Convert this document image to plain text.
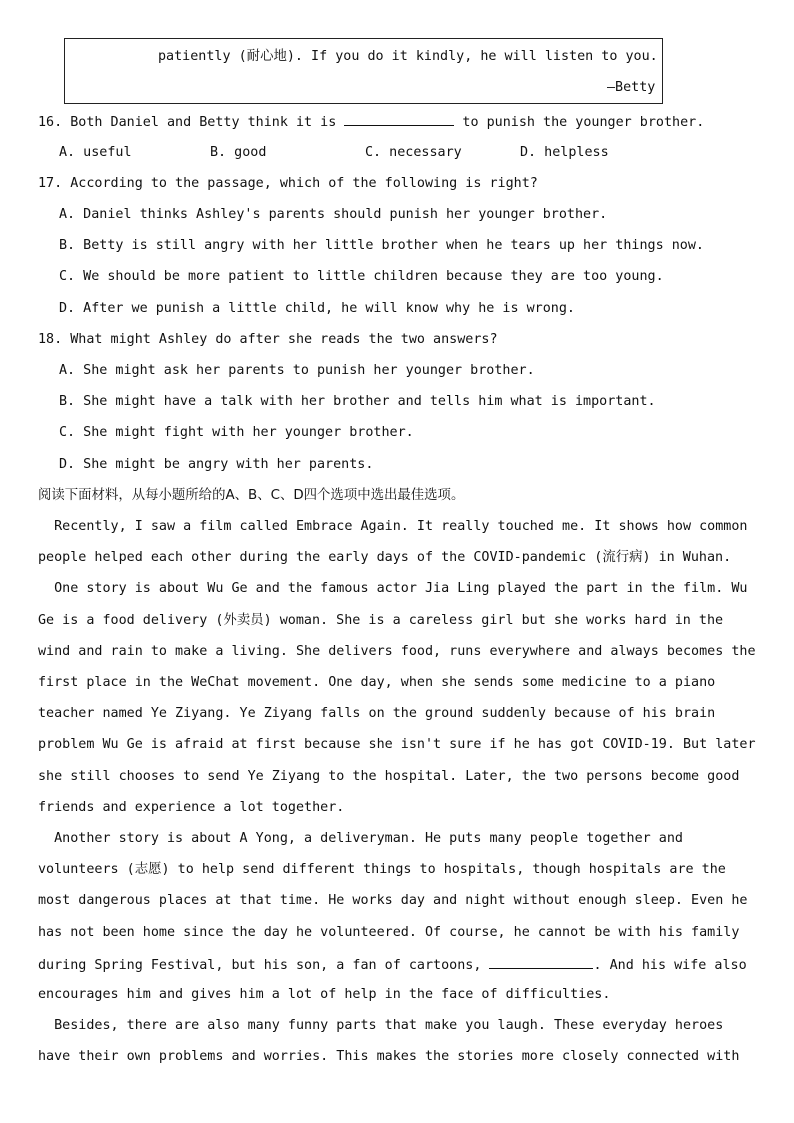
patiently (耐心地). If you do it kindly, he will listen to you.
—Betty
16. Both Daniel and Betty think it is	to punish the younger brother.
A. useful	B. good	C. necessary	D. helpless
17. According to the passage, which of the following is right?
A. Daniel thinks Ashley's parents should punish her younger brother.
B. Betty is still angry with her little brother when he tears up her things now.
C. We should be more patient to little children because they are too young.
D. After we punish a little child, he will know why he is wrong.
18. What might Ashley do after she reads the two answers?
A. She might ask her parents to punish her younger brother.
B. She might have a talk with her brother and tells him what is important.
C. She might fight with her younger brother.
D. She might be angry with her parents.
阅读下面材料，从每小题所给的A、B、C、D四个选项中选出最佳选项。
Recently, I saw a film called Embrace Again. It really touched me. It shows how common
people helped each other during the early days of the COVID-pandemic (流行病) in Wuhan.
One story is about Wu Ge and the famous actor Jia Ling played the part in the film. Wu
Ge is a food delivery (外卖员) woman. She is a careless girl but she works hard in the
wind and rain to make a living. She delivers food, runs everywhere and always becomes the
first place in the WeChat movement. One day, when she sends some medicine to a piano
teacher named Ye Ziyang. Ye Ziyang falls on the ground suddenly because of his brain
problem Wu Ge is afraid at first because she isn't sure if he has got COVID-19. But later
she still chooses to send Ye Ziyang to the hospital. Later, the two persons become good
friends and experience a lot together.
Another story is about A Yong, a deliveryman. He puts many people together and
volunteers (志愿) to help send different things to hospitals, though hospitals are the
most dangerous places at that time. He works day and night without enough sleep. Even he
has not been home since the day he volunteered. Of course, he cannot be with his family
during Spring Festival, but his son, a fan of cartoons,	. And his wife also
encourages him and gives him a lot of help in the face of difficulties.
Besides, there are also many funny parts that make you laugh. These everyday heroes
have their own problems and worries. This makes the stories more closely connected with
